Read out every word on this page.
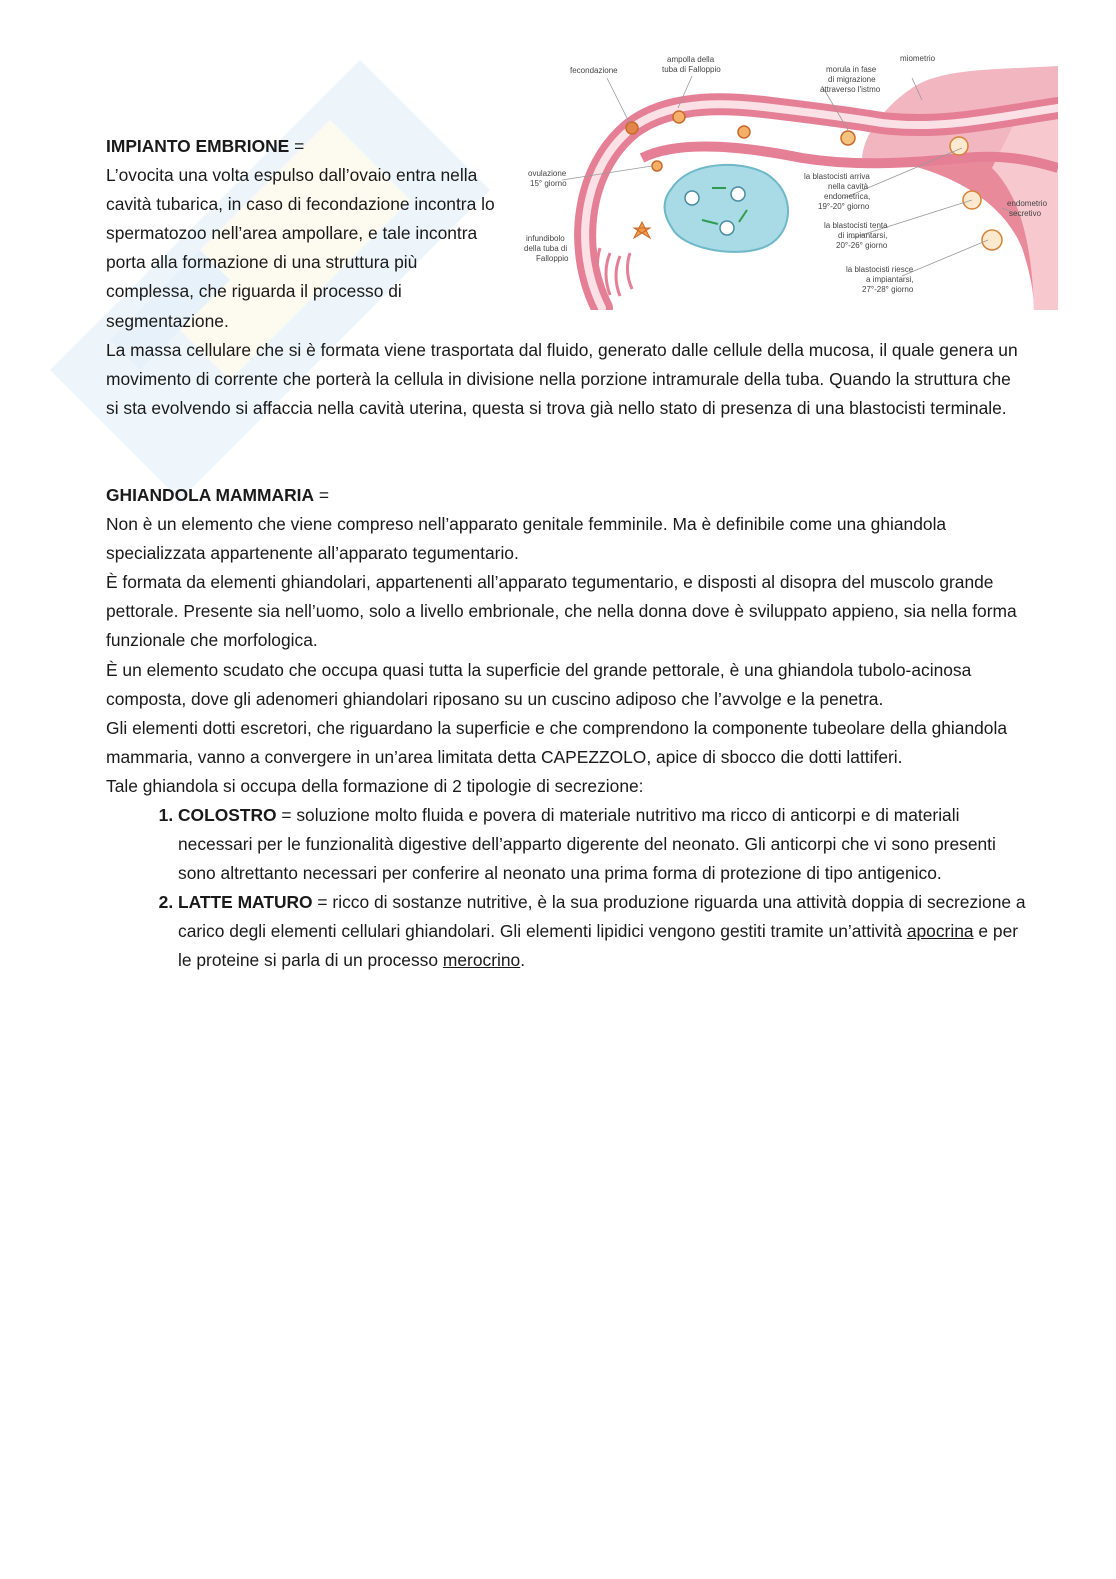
fecondazione
ampolla della
tuba di Falloppio
miometrio
morula in fase
di migrazione
attraverso l'istmo
ovulazione
15° giorno
infundibolo
della tuba di
Falloppio
la blastocisti arriva
nella cavità
endometrica,
19°-20° giorno
la blastocisti tenta
di impiantarsi,
20°-26° giorno
la blastocisti riesce
a impiantarsi,
27°-28° giorno
endometrio
secretivo

IMPIANTO EMBRIONE =

L’ovocita una volta espulso dall’ovaio entra nella cavità tubarica, in caso di fecondazione incontra lo spermatozoo nell’area ampollare, e tale incontra porta alla formazione di una struttura più complessa, che riguarda il processo di segmentazione.

La massa cellulare che si è formata viene trasportata dal fluido, generato dalle cellule della mucosa, il quale genera un movimento di corrente che porterà la cellula in divisione nella porzione intramurale della tuba. Quando la struttura che si sta evolvendo si affaccia nella cavità uterina, questa si trova già nello stato di presenza di una blastocisti terminale.

GHIANDOLA MAMMARIA =

Non è un elemento che viene compreso nell’apparato genitale femminile. Ma è definibile come una ghiandola specializzata appartenente all’apparato tegumentario.

È formata da elementi ghiandolari, appartenenti all’apparato tegumentario, e disposti al disopra del muscolo grande pettorale. Presente sia nell’uomo, solo a livello embrionale, che nella donna dove è sviluppato appieno, sia nella forma funzionale che morfologica.

È un elemento scudato che occupa quasi tutta la superficie del grande pettorale, è una ghiandola tubolo-acinosa composta, dove gli adenomeri ghiandolari riposano su un cuscino adiposo che l’avvolge e la penetra.

Gli elementi dotti escretori, che riguardano la superficie e che comprendono la componente tubeolare della ghiandola mammaria, vanno a convergere in un’area limitata detta CAPEZZOLO, apice di sbocco die dotti lattiferi.

Tale ghiandola si occupa della formazione di 2 tipologie di secrezione:

1. COLOSTRO = soluzione molto fluida e povera di materiale nutritivo ma ricco di anticorpi e di materiali necessari per le funzionalità digestive dell’apparto digerente del neonato. Gli anticorpi che vi sono presenti sono altrettanto necessari per conferire al neonato una prima forma di protezione di tipo antigenico.
2. LATTE MATURO = ricco di sostanze nutritive, è la sua produzione riguarda una attività doppia di secrezione a carico degli elementi cellulari ghiandolari. Gli elementi lipidici vengono gestiti tramite un’attività apocrina e per le proteine si parla di un processo merocrino.
